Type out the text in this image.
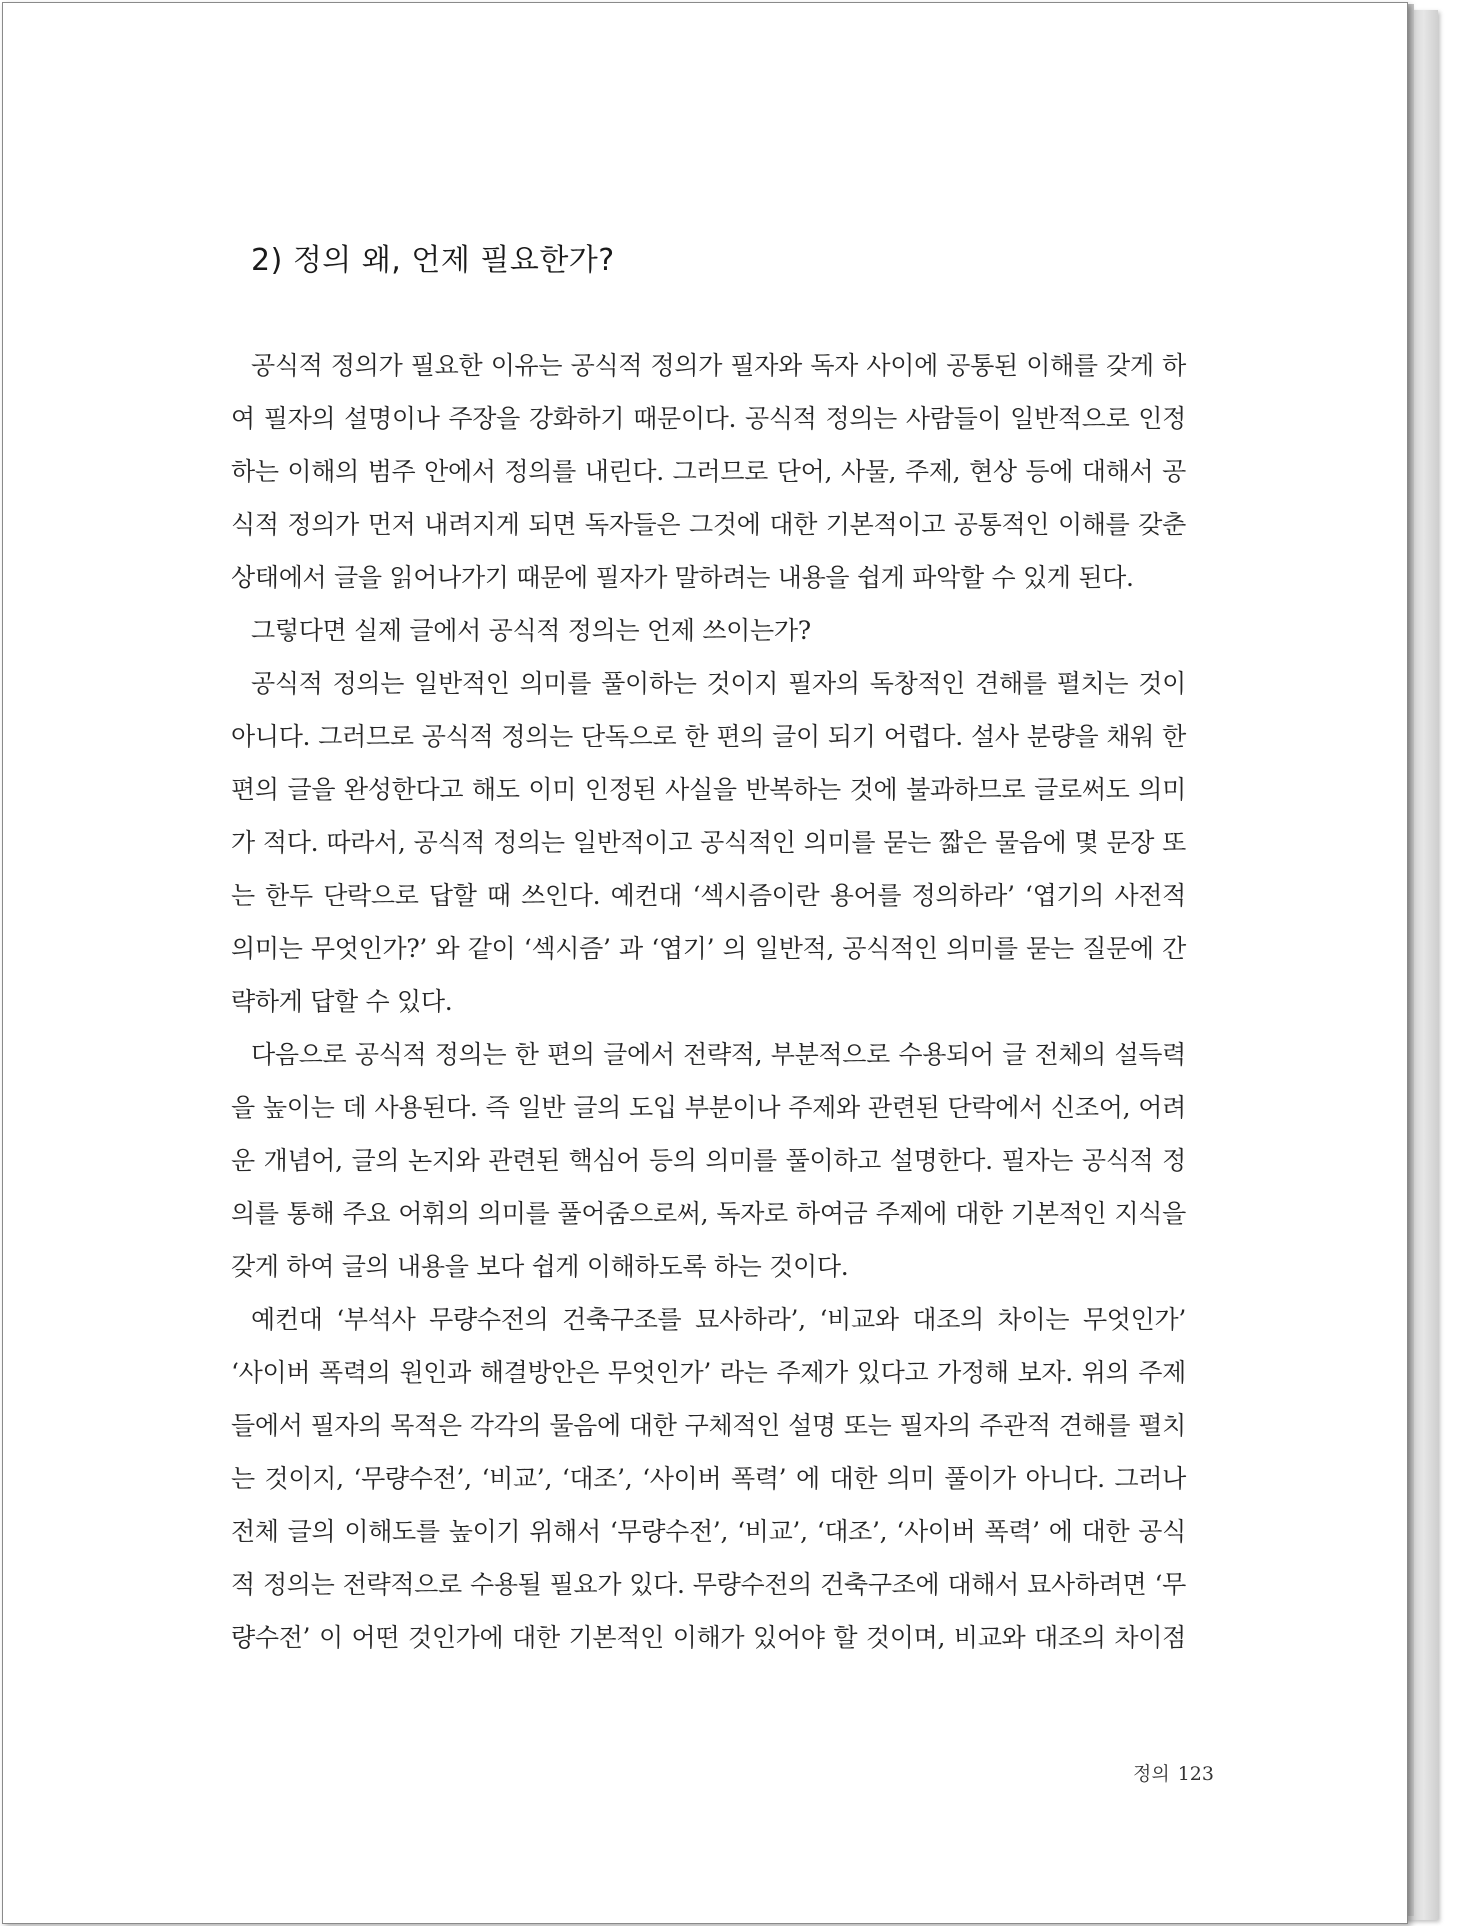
2) 정의 왜, 언제 필요한가?
공식적 정의가 필요한 이유는 공식적 정의가 필자와 독자 사이에 공통된 이해를 갖게 하
여 필자의 설명이나 주장을 강화하기 때문이다. 공식적 정의는 사람들이 일반적으로 인정
하는 이해의 범주 안에서 정의를 내린다. 그러므로 단어, 사물, 주제, 현상 등에 대해서 공
식적 정의가 먼저 내려지게 되면 독자들은 그것에 대한 기본적이고 공통적인 이해를 갖춘
상태에서 글을 읽어나가기 때문에 필자가 말하려는 내용을 쉽게 파악할 수 있게 된다.
그렇다면 실제 글에서 공식적 정의는 언제 쓰이는가?
공식적 정의는 일반적인 의미를 풀이하는 것이지 필자의 독창적인 견해를 펼치는 것이
아니다. 그러므로 공식적 정의는 단독으로 한 편의 글이 되기 어렵다. 설사 분량을 채워 한
편의 글을 완성한다고 해도 이미 인정된 사실을 반복하는 것에 불과하므로 글로써도 의미
가 적다. 따라서, 공식적 정의는 일반적이고 공식적인 의미를 묻는 짧은 물음에 몇 문장 또
는 한두 단락으로 답할 때 쓰인다. 예컨대 ‘섹시즘이란 용어를 정의하라’ ‘엽기의 사전적
의미는 무엇인가?’ 와 같이 ‘섹시즘’ 과 ‘엽기’ 의 일반적, 공식적인 의미를 묻는 질문에 간
략하게 답할 수 있다.
다음으로 공식적 정의는 한 편의 글에서 전략적, 부분적으로 수용되어 글 전체의 설득력
을 높이는 데 사용된다. 즉 일반 글의 도입 부분이나 주제와 관련된 단락에서 신조어, 어려
운 개념어, 글의 논지와 관련된 핵심어 등의 의미를 풀이하고 설명한다. 필자는 공식적 정
의를 통해 주요 어휘의 의미를 풀어줌으로써, 독자로 하여금 주제에 대한 기본적인 지식을
갖게 하여 글의 내용을 보다 쉽게 이해하도록 하는 것이다.
예컨대 ‘부석사 무량수전의 건축구조를 묘사하라’, ‘비교와 대조의 차이는 무엇인가’
‘사이버 폭력의 원인과 해결방안은 무엇인가’ 라는 주제가 있다고 가정해 보자. 위의 주제
들에서 필자의 목적은 각각의 물음에 대한 구체적인 설명 또는 필자의 주관적 견해를 펼치
는 것이지, ‘무량수전’, ‘비교’, ‘대조’, ‘사이버 폭력’ 에 대한 의미 풀이가 아니다. 그러나
전체 글의 이해도를 높이기 위해서 ‘무량수전’, ‘비교’, ‘대조’, ‘사이버 폭력’ 에 대한 공식
적 정의는 전략적으로 수용될 필요가 있다. 무량수전의 건축구조에 대해서 묘사하려면 ‘무
량수전’ 이 어떤 것인가에 대한 기본적인 이해가 있어야 할 것이며, 비교와 대조의 차이점
정의 123
